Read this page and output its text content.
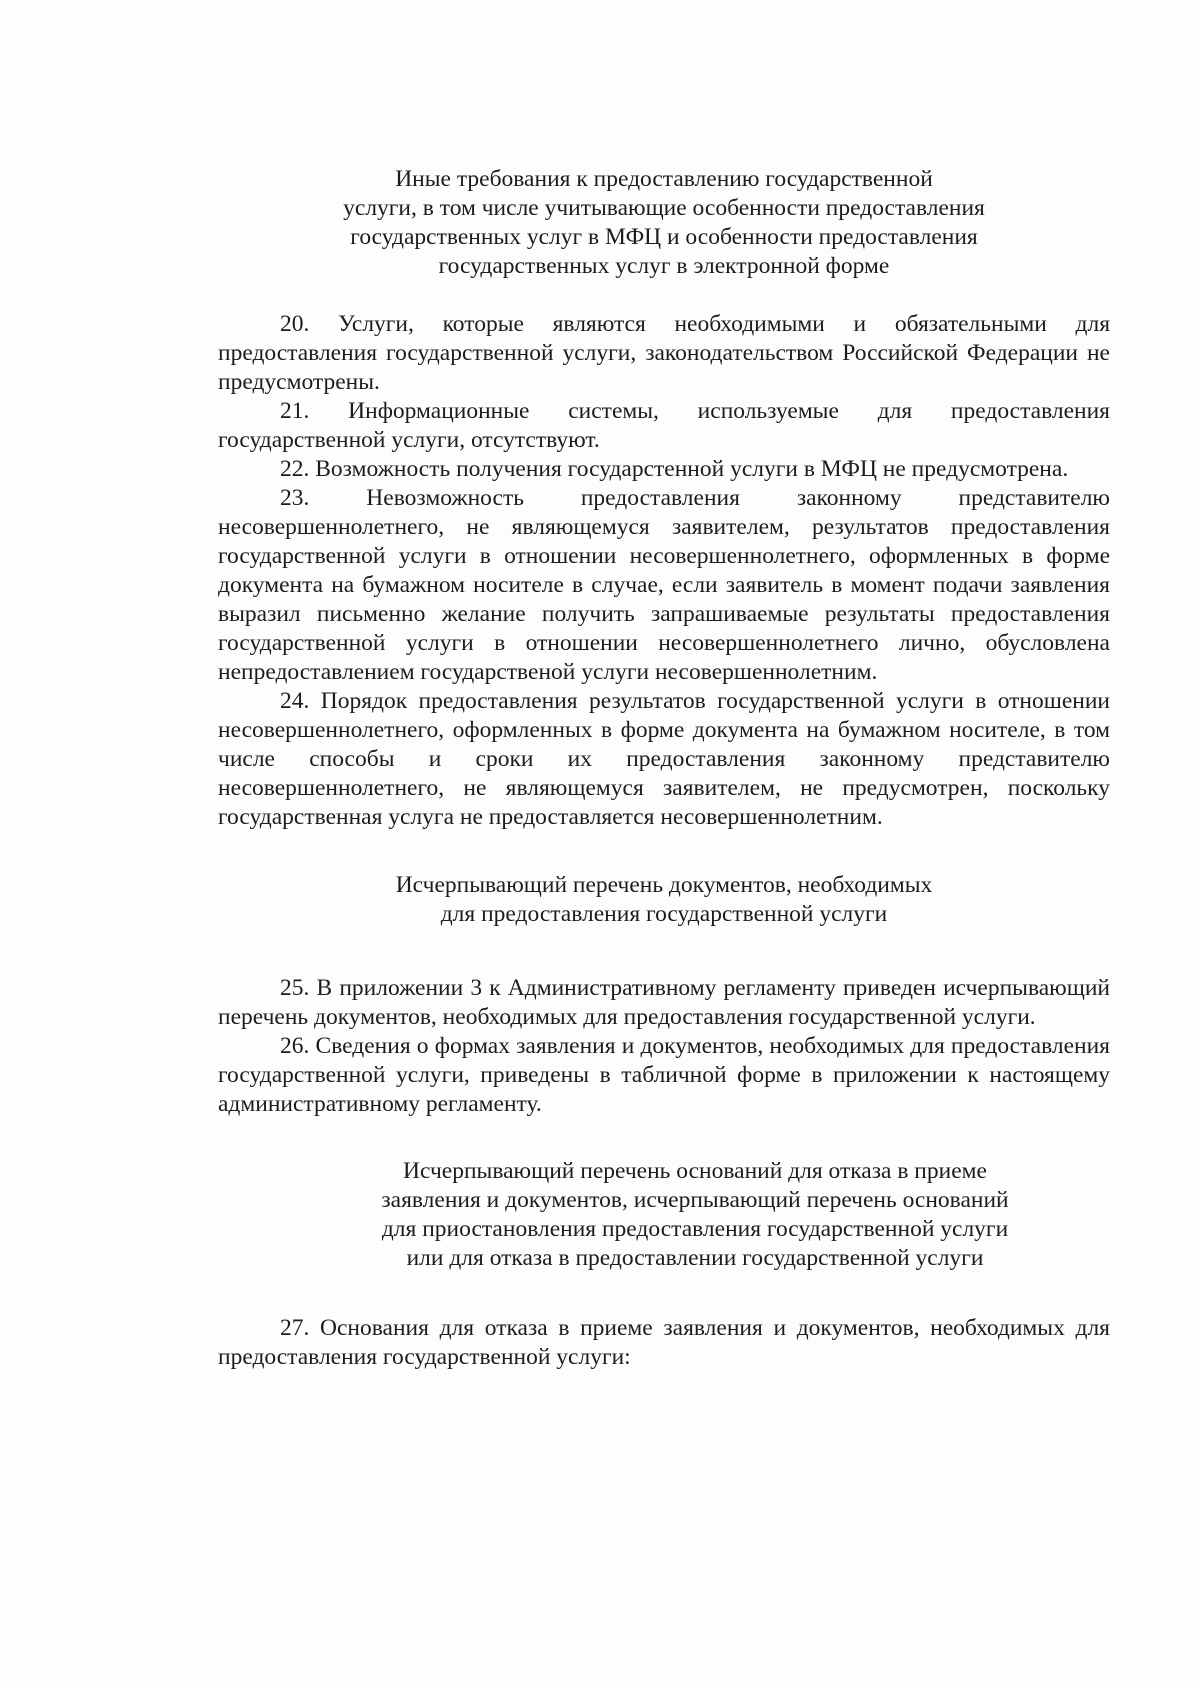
Иные требования к предоставлению государственной
услуги, в том числе учитывающие особенности предоставления
государственных услуг в МФЦ и особенности предоставления
государственных услуг в электронной форме

20. Услуги, которые являются необходимыми и обязательными для предоставления государственной услуги, законодательством Российской Федерации не предусмотрены.

21. Информационные системы, используемые для предоставления государственной услуги, отсутствуют.

22. Возможность получения государстенной услуги в МФЦ не предусмотрена.

23. Невозможность предоставления законному представителю несовершеннолетнего, не являющемуся заявителем, результатов предоставления государственной услуги в отношении несовершеннолетнего, оформленных в форме документа на бумажном носителе в случае, если заявитель в момент подачи заявления выразил письменно желание получить запрашиваемые результаты предоставления государственной услуги в отношении несовершеннолетнего лично, обусловлена непредоставлением государственой услуги несовершеннолетним.

24. Порядок предоставления результатов государственной услуги в отношении несовершеннолетнего, оформленных в форме документа на бумажном носителе, в том числе способы и сроки их предоставления законному представителю несовершеннолетнего, не являющемуся заявителем, не предусмотрен, поскольку государственная услуга не предоставляется несовершеннолетним.

Исчерпывающий перечень документов, необходимых
для предоставления государственной услуги

25. В приложении 3 к Административному регламенту приведен исчерпывающий перечень документов, необходимых для предоставления государственной услуги.

26. Сведения о формах заявления и документов, необходимых для предоставления государственной услуги, приведены в табличной форме в приложении к настоящему административному регламенту.

Исчерпывающий перечень оснований для отказа в приеме
заявления и документов, исчерпывающий перечень оснований
для приостановления предоставления государственной услуги
или для отказа в предоставлении государственной услуги

27. Основания для отказа в приеме заявления и документов, необходимых для предоставления государственной услуги:
